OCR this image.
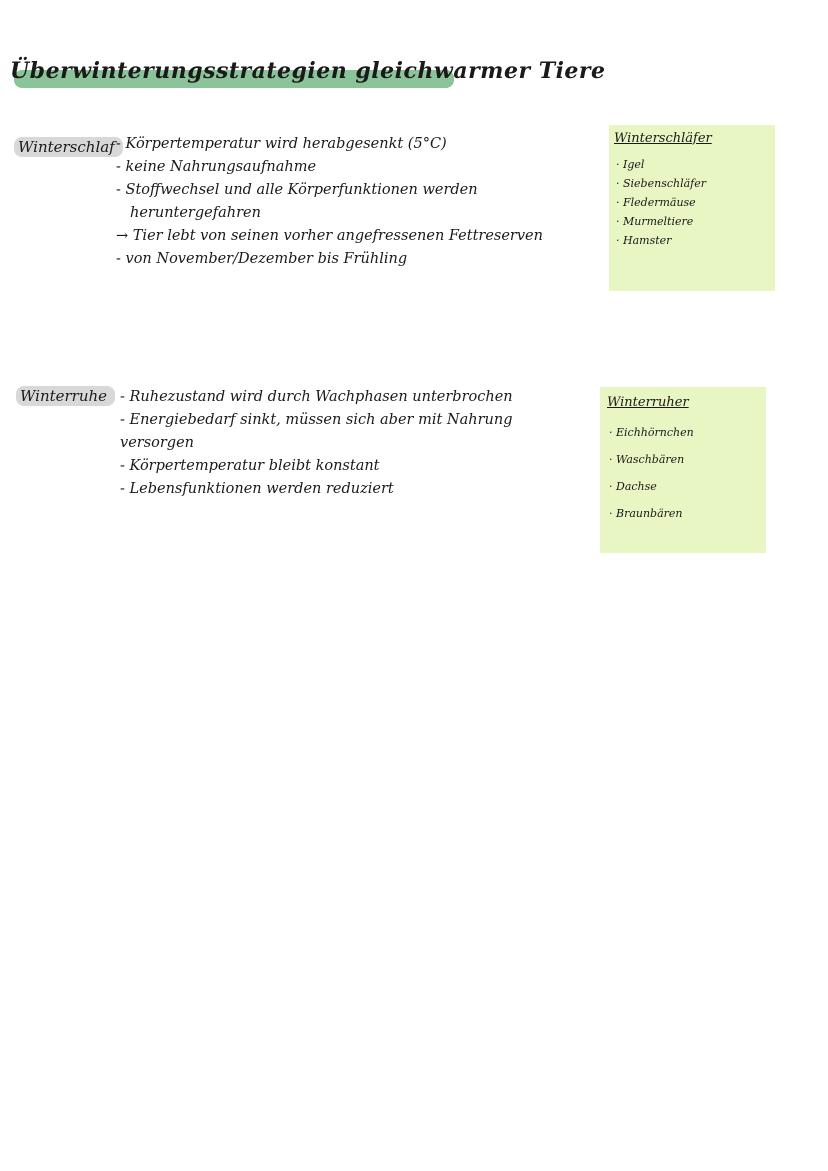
Überwinterungsstrategien gleichwarmer Tiere
Winterschlaf - Körpertemperatur wird herabgesenkt (5°C)
- keine Nahrungsaufnahme
- Stoffwechsel und alle Körperfunktionen werden
heruntergefahren
→ Tier lebt von seinen vorher angefressenen Fettreserven
- von November/Dezember bis Frühling

Winterschläfer

· Igel
· Siebenschläfer
· Fledermäuse
· Murmeltiere
· Hamster
Winterruhe - Ruhezustand wird durch Wachphasen unterbrochen
- Energiebedarf sinkt, müssen sich aber mit Nahrung versorgen
- Körpertemperatur bleibt konstant
- Lebensfunktionen werden reduziert

Winterruher

· Eichhörnchen
· Waschbären
· Dachse
· Braunbären
